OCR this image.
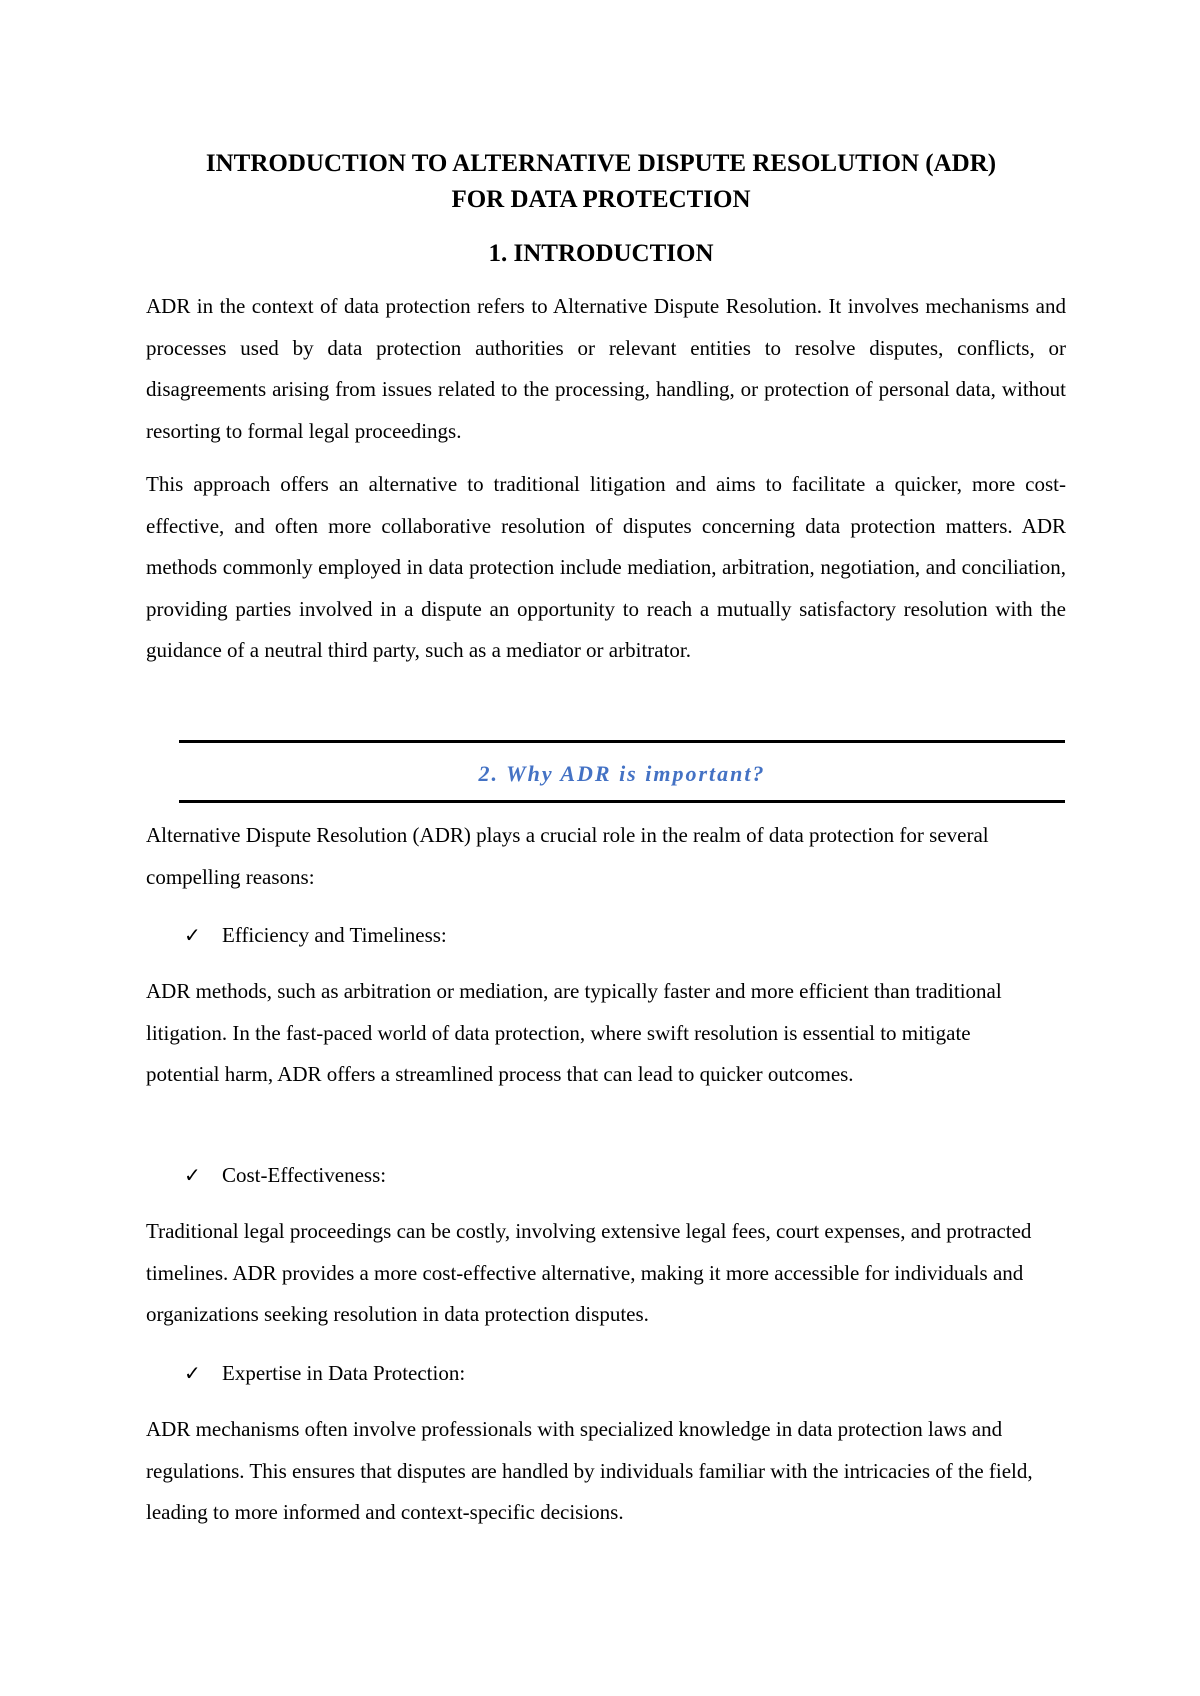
INTRODUCTION TO ALTERNATIVE DISPUTE RESOLUTION (ADR)
FOR DATA PROTECTION
1. INTRODUCTION

ADR in the context of data protection refers to Alternative Dispute Resolution. It involves mechanisms and processes used by data protection authorities or relevant entities to resolve disputes, conflicts, or disagreements arising from issues related to the processing, handling, or protection of personal data, without resorting to formal legal proceedings.

This approach offers an alternative to traditional litigation and aims to facilitate a quicker, more cost-effective, and often more collaborative resolution of disputes concerning data protection matters. ADR methods commonly employed in data protection include mediation, arbitration, negotiation, and conciliation, providing parties involved in a dispute an opportunity to reach a mutually satisfactory resolution with the guidance of a neutral third party, such as a mediator or arbitrator.

2. Why ADR is important?

Alternative Dispute Resolution (ADR) plays a crucial role in the realm of data protection for several compelling reasons:

✓ Efficiency and Timeliness:

ADR methods, such as arbitration or mediation, are typically faster and more efficient than traditional litigation. In the fast-paced world of data protection, where swift resolution is essential to mitigate potential harm, ADR offers a streamlined process that can lead to quicker outcomes.

✓ Cost-Effectiveness:

Traditional legal proceedings can be costly, involving extensive legal fees, court expenses, and protracted timelines. ADR provides a more cost-effective alternative, making it more accessible for individuals and organizations seeking resolution in data protection disputes.

✓ Expertise in Data Protection:

ADR mechanisms often involve professionals with specialized knowledge in data protection laws and regulations. This ensures that disputes are handled by individuals familiar with the intricacies of the field, leading to more informed and context-specific decisions.
